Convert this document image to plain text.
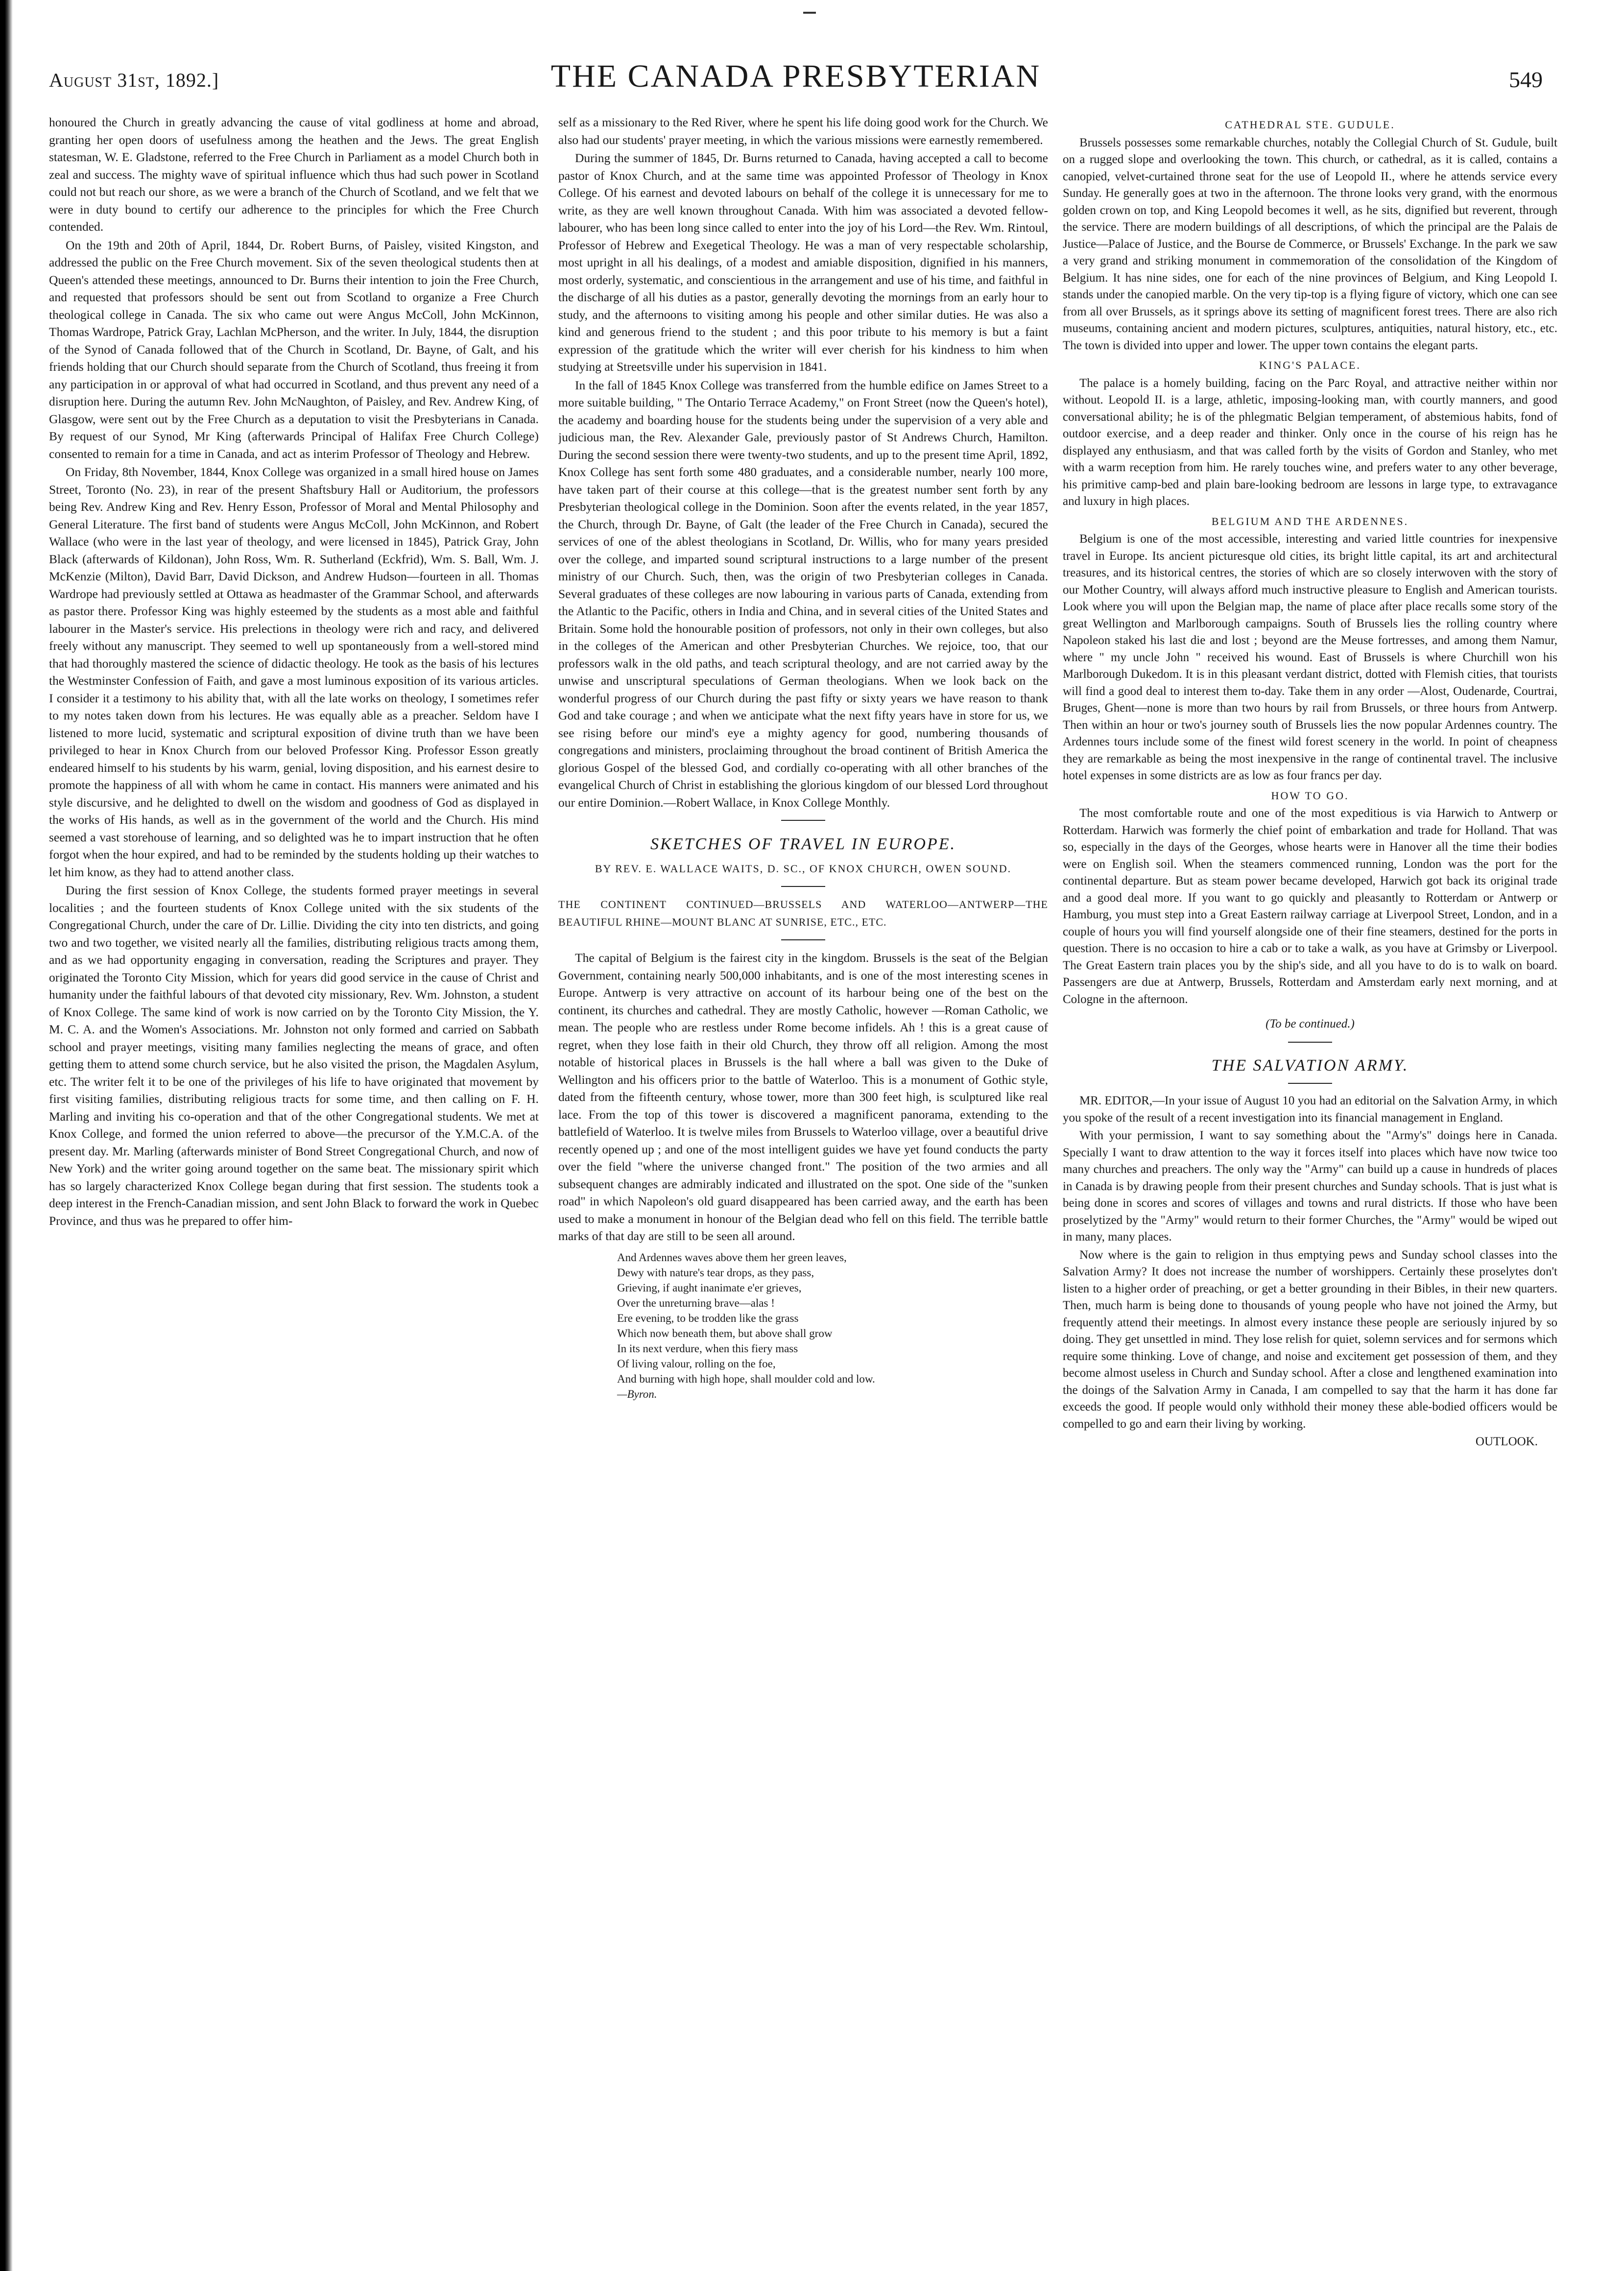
August 31st, 1892.]	THE CANADA PRESBYTERIAN	549

honoured the Church in greatly advancing the cause of vital godliness at home and abroad, granting her open doors of usefulness among the heathen and the Jews. The great English statesman, W. E. Gladstone, referred to the Free Church in Parliament as a model Church both in zeal and success. The mighty wave of spiritual influence which thus had such power in Scotland could not but reach our shore, as we were a branch of the Church of Scotland, and we felt that we were in duty bound to certify our adherence to the principles for which the Free Church contended.

On the 19th and 20th of April, 1844, Dr. Robert Burns, of Paisley, visited Kingston, and addressed the public on the Free Church movement. Six of the seven theological students then at Queen's attended these meetings, announced to Dr. Burns their intention to join the Free Church, and requested that professors should be sent out from Scotland to organize a Free Church theological college in Canada. The six who came out were Angus McColl, John McKinnon, Thomas Wardrope, Patrick Gray, Lachlan McPherson, and the writer. In July, 1844, the disruption of the Synod of Canada followed that of the Church in Scotland, Dr. Bayne, of Galt, and his friends holding that our Church should separate from the Church of Scotland, thus freeing it from any participation in or approval of what had occurred in Scotland, and thus prevent any need of a disruption here. During the autumn Rev. John McNaughton, of Paisley, and Rev. Andrew King, of Glasgow, were sent out by the Free Church as a deputation to visit the Presbyterians in Canada. By request of our Synod, Mr King (afterwards Principal of Halifax Free Church College) consented to remain for a time in Canada, and act as interim Professor of Theology and Hebrew.

On Friday, 8th November, 1844, Knox College was organized in a small hired house on James Street, Toronto (No. 23), in rear of the present Shaftsbury Hall or Auditorium, the professors being Rev. Andrew King and Rev. Henry Esson, Professor of Moral and Mental Philosophy and General Literature. The first band of students were Angus McColl, John McKinnon, and Robert Wallace (who were in the last year of theology, and were licensed in 1845), Patrick Gray, John Black (afterwards of Kildonan), John Ross, Wm. R. Sutherland (Eckfrid), Wm. S. Ball, Wm. J. McKenzie (Milton), David Barr, David Dickson, and Andrew Hudson—fourteen in all. Thomas Wardrope had previously settled at Ottawa as headmaster of the Grammar School, and afterwards as pastor there. Professor King was highly esteemed by the students as a most able and faithful labourer in the Master's service. His prelections in theology were rich and racy, and delivered freely without any manuscript. They seemed to well up spontaneously from a well-stored mind that had thoroughly mastered the science of didactic theology. He took as the basis of his lectures the Westminster Confession of Faith, and gave a most luminous exposition of its various articles. I consider it a testimony to his ability that, with all the late works on theology, I sometimes refer to my notes taken down from his lectures. He was equally able as a preacher. Seldom have I listened to more lucid, systematic and scriptural exposition of divine truth than we have been privileged to hear in Knox Church from our beloved Professor King. Professor Esson greatly endeared himself to his students by his warm, genial, loving disposition, and his earnest desire to promote the happiness of all with whom he came in contact. His manners were animated and his style discursive, and he delighted to dwell on the wisdom and goodness of God as displayed in the works of His hands, as well as in the government of the world and the Church. His mind seemed a vast storehouse of learning, and so delighted was he to impart instruction that he often forgot when the hour expired, and had to be reminded by the students holding up their watches to let him know, as they had to attend another class.

During the first session of Knox College, the students formed prayer meetings in several localities ; and the fourteen students of Knox College united with the six students of the Congregational Church, under the care of Dr. Lillie. Dividing the city into ten districts, and going two and two together, we visited nearly all the families, distributing religious tracts among them, and as we had opportunity engaging in conversation, reading the Scriptures and prayer. They originated the Toronto City Mission, which for years did good service in the cause of Christ and humanity under the faithful labours of that devoted city missionary, Rev. Wm. Johnston, a student of Knox College. The same kind of work is now carried on by the Toronto City Mission, the Y. M. C. A. and the Women's Associations. Mr. Johnston not only formed and carried on Sabbath school and prayer meetings, visiting many families neglecting the means of grace, and often getting them to attend some church service, but he also visited the prison, the Magdalen Asylum, etc. The writer felt it to be one of the privileges of his life to have originated that movement by first visiting families, distributing religious tracts for some time, and then calling on F. H. Marling and inviting his co-operation and that of the other Congregational students. We met at Knox College, and formed the union referred to above—the precursor of the Y.M.C.A. of the present day. Mr. Marling (afterwards minister of Bond Street Congregational Church, and now of New York) and the writer going around together on the same beat. The missionary spirit which has so largely characterized Knox College began during that first session. The students took a deep interest in the French-Canadian mission, and sent John Black to forward the work in Quebec Province, and thus was he prepared to offer him-

self as a missionary to the Red River, where he spent his life doing good work for the Church. We also had our students' prayer meeting, in which the various missions were earnestly remembered.

During the summer of 1845, Dr. Burns returned to Canada, having accepted a call to become pastor of Knox Church, and at the same time was appointed Professor of Theology in Knox College. Of his earnest and devoted labours on behalf of the college it is unnecessary for me to write, as they are well known throughout Canada. With him was associated a devoted fellow-labourer, who has been long since called to enter into the joy of his Lord—the Rev. Wm. Rintoul, Professor of Hebrew and Exegetical Theology. He was a man of very respectable scholarship, most upright in all his dealings, of a modest and amiable disposition, dignified in his manners, most orderly, systematic, and conscientious in the arrangement and use of his time, and faithful in the discharge of all his duties as a pastor, generally devoting the mornings from an early hour to study, and the afternoons to visiting among his people and other similar duties. He was also a kind and generous friend to the student ; and this poor tribute to his memory is but a faint expression of the gratitude which the writer will ever cherish for his kindness to him when studying at Streetsville under his supervision in 1841.

In the fall of 1845 Knox College was transferred from the humble edifice on James Street to a more suitable building, " The Ontario Terrace Academy," on Front Street (now the Queen's hotel), the academy and boarding house for the students being under the supervision of a very able and judicious man, the Rev. Alexander Gale, previously pastor of St Andrews Church, Hamilton. During the second session there were twenty-two students, and up to the present time April, 1892, Knox College has sent forth some 480 graduates, and a considerable number, nearly 100 more, have taken part of their course at this college—that is the greatest number sent forth by any Presbyterian theological college in the Dominion. Soon after the events related, in the year 1857, the Church, through Dr. Bayne, of Galt (the leader of the Free Church in Canada), secured the services of one of the ablest theologians in Scotland, Dr. Willis, who for many years presided over the college, and imparted sound scriptural instructions to a large number of the present ministry of our Church. Such, then, was the origin of two Presbyterian colleges in Canada. Several graduates of these colleges are now labouring in various parts of Canada, extending from the Atlantic to the Pacific, others in India and China, and in several cities of the United States and Britain. Some hold the honourable position of professors, not only in their own colleges, but also in the colleges of the American and other Presbyterian Churches. We rejoice, too, that our professors walk in the old paths, and teach scriptural theology, and are not carried away by the unwise and unscriptural speculations of German theologians. When we look back on the wonderful progress of our Church during the past fifty or sixty years we have reason to thank God and take courage ; and when we anticipate what the next fifty years have in store for us, we see rising before our mind's eye a mighty agency for good, numbering thousands of congregations and ministers, proclaiming throughout the broad continent of British America the glorious Gospel of the blessed God, and cordially co-operating with all other branches of the evangelical Church of Christ in establishing the glorious kingdom of our blessed Lord throughout our entire Dominion.—Robert Wallace, in Knox College Monthly.

SKETCHES OF TRAVEL IN EUROPE.
BY REV. E. WALLACE WAITS, D. SC., OF KNOX CHURCH, OWEN SOUND.
THE CONTINENT CONTINUED—BRUSSELS AND WATERLOO—ANTWERP—THE BEAUTIFUL RHINE—MOUNT BLANC AT SUNRISE, ETC., ETC.

The capital of Belgium is the fairest city in the kingdom. Brussels is the seat of the Belgian Government, containing nearly 500,000 inhabitants, and is one of the most interesting scenes in Europe. Antwerp is very attractive on account of its harbour being one of the best on the continent, its churches and cathedral. They are mostly Catholic, however —Roman Catholic, we mean. The people who are restless under Rome become infidels. Ah ! this is a great cause of regret, when they lose faith in their old Church, they throw off all religion. Among the most notable of historical places in Brussels is the hall where a ball was given to the Duke of Wellington and his officers prior to the battle of Waterloo. This is a monument of Gothic style, dated from the fifteenth century, whose tower, more than 300 feet high, is sculptured like real lace. From the top of this tower is discovered a magnificent panorama, extending to the battlefield of Waterloo. It is twelve miles from Brussels to Waterloo village, over a beautiful drive recently opened up ; and one of the most intelligent guides we have yet found conducts the party over the field "where the universe changed front." The position of the two armies and all subsequent changes are admirably indicated and illustrated on the spot. One side of the "sunken road" in which Napoleon's old guard disappeared has been carried away, and the earth has been used to make a monument in honour of the Belgian dead who fell on this field. The terrible battle marks of that day are still to be seen all around.

And Ardennes waves above them her green leaves,
Dewy with nature's tear drops, as they pass,
Grieving, if aught inanimate e'er grieves,
Over the unreturning brave—alas !
Ere evening, to be trodden like the grass
Which now beneath them, but above shall grow
In its next verdure, when this fiery mass
Of living valour, rolling on the foe,
And burning with high hope, shall moulder cold and low.
—Byron.
CATHEDRAL STE. GUDULE.

Brussels possesses some remarkable churches, notably the Collegial Church of St. Gudule, built on a rugged slope and overlooking the town. This church, or cathedral, as it is called, contains a canopied, velvet-curtained throne seat for the use of Leopold II., where he attends service every Sunday. He generally goes at two in the afternoon. The throne looks very grand, with the enormous golden crown on top, and King Leopold becomes it well, as he sits, dignified but reverent, through the service. There are modern buildings of all descriptions, of which the principal are the Palais de Justice—Palace of Justice, and the Bourse de Commerce, or Brussels' Exchange. In the park we saw a very grand and striking monument in commemoration of the consolidation of the Kingdom of Belgium. It has nine sides, one for each of the nine provinces of Belgium, and King Leopold I. stands under the canopied marble. On the very tip-top is a flying figure of victory, which one can see from all over Brussels, as it springs above its setting of magnificent forest trees. There are also rich museums, containing ancient and modern pictures, sculptures, antiquities, natural history, etc., etc. The town is divided into upper and lower. The upper town contains the elegant parts.

KING'S PALACE.

The palace is a homely building, facing on the Parc Royal, and attractive neither within nor without. Leopold II. is a large, athletic, imposing-looking man, with courtly manners, and good conversational ability; he is of the phlegmatic Belgian temperament, of abstemious habits, fond of outdoor exercise, and a deep reader and thinker. Only once in the course of his reign has he displayed any enthusiasm, and that was called forth by the visits of Gordon and Stanley, who met with a warm reception from him. He rarely touches wine, and prefers water to any other beverage, his primitive camp-bed and plain bare-looking bedroom are lessons in large type, to extravagance and luxury in high places.

BELGIUM AND THE ARDENNES.

Belgium is one of the most accessible, interesting and varied little countries for inexpensive travel in Europe. Its ancient picturesque old cities, its bright little capital, its art and architectural treasures, and its historical centres, the stories of which are so closely interwoven with the story of our Mother Country, will always afford much instructive pleasure to English and American tourists. Look where you will upon the Belgian map, the name of place after place recalls some story of the great Wellington and Marlborough campaigns. South of Brussels lies the rolling country where Napoleon staked his last die and lost ; beyond are the Meuse fortresses, and among them Namur, where " my uncle John " received his wound. East of Brussels is where Churchill won his Marlborough Dukedom. It is in this pleasant verdant district, dotted with Flemish cities, that tourists will find a good deal to interest them to-day. Take them in any order —Alost, Oudenarde, Courtrai, Bruges, Ghent—none is more than two hours by rail from Brussels, or three hours from Antwerp. Then within an hour or two's journey south of Brussels lies the now popular Ardennes country. The Ardennes tours include some of the finest wild forest scenery in the world. In point of cheapness they are remarkable as being the most inexpensive in the range of continental travel. The inclusive hotel expenses in some districts are as low as four francs per day.

HOW TO GO.

The most comfortable route and one of the most expeditious is via Harwich to Antwerp or Rotterdam. Harwich was formerly the chief point of embarkation and trade for Holland. That was so, especially in the days of the Georges, whose hearts were in Hanover all the time their bodies were on English soil. When the steamers commenced running, London was the port for the continental departure. But as steam power became developed, Harwich got back its original trade and a good deal more. If you want to go quickly and pleasantly to Rotterdam or Antwerp or Hamburg, you must step into a Great Eastern railway carriage at Liverpool Street, London, and in a couple of hours you will find yourself alongside one of their fine steamers, destined for the ports in question. There is no occasion to hire a cab or to take a walk, as you have at Grimsby or Liverpool. The Great Eastern train places you by the ship's side, and all you have to do is to walk on board. Passengers are due at Antwerp, Brussels, Rotterdam and Amsterdam early next morning, and at Cologne in the afternoon.

(To be continued.)
THE SALVATION ARMY.

MR. EDITOR,—In your issue of August 10 you had an editorial on the Salvation Army, in which you spoke of the result of a recent investigation into its financial management in England.

With your permission, I want to say something about the "Army's" doings here in Canada. Specially I want to draw attention to the way it forces itself into places which have now twice too many churches and preachers. The only way the "Army" can build up a cause in hundreds of places in Canada is by drawing people from their present churches and Sunday schools. That is just what is being done in scores and scores of villages and towns and rural districts. If those who have been proselytized by the "Army" would return to their former Churches, the "Army" would be wiped out in many, many places.

Now where is the gain to religion in thus emptying pews and Sunday school classes into the Salvation Army? It does not increase the number of worshippers. Certainly these proselytes don't listen to a higher order of preaching, or get a better grounding in their Bibles, in their new quarters. Then, much harm is being done to thousands of young people who have not joined the Army, but frequently attend their meetings. In almost every instance these people are seriously injured by so doing. They get unsettled in mind. They lose relish for quiet, solemn services and for sermons which require some thinking. Love of change, and noise and excitement get possession of them, and they become almost useless in Church and Sunday school. After a close and lengthened examination into the doings of the Salvation Army in Canada, I am compelled to say that the harm it has done far exceeds the good. If people would only withhold their money these able-bodied officers would be compelled to go and earn their living by working.

OUTLOOK.
